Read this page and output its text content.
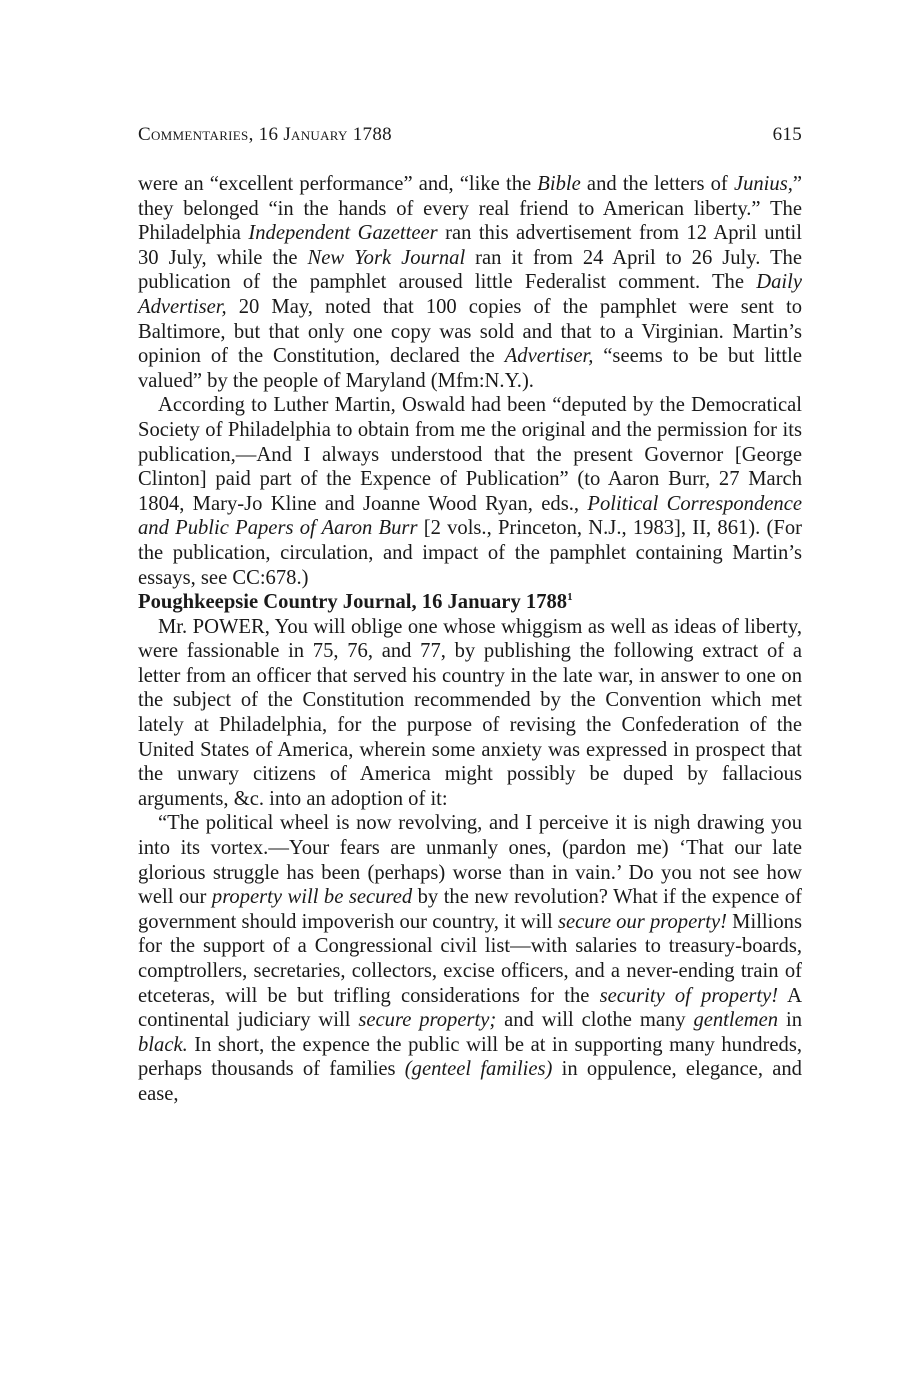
Commentaries, 16 January 1788	615

were an “excellent performance” and, “like the Bible and the letters of Junius,” they belonged “in the hands of every real friend to American liberty.” The Philadelphia Independent Gazetteer ran this advertisement from 12 April until 30 July, while the New York Journal ran it from 24 April to 26 July. The publication of the pamphlet aroused little Federalist comment. The Daily Advertiser, 20 May, noted that 100 copies of the pamphlet were sent to Baltimore, but that only one copy was sold and that to a Virginian. Martin’s opinion of the Constitution, declared the Advertiser, “seems to be but little valued” by the people of Maryland (Mfm:N.Y.).

According to Luther Martin, Oswald had been “deputed by the Democratical Society of Philadelphia to obtain from me the original and the permission for its publication,—And I always understood that the present Governor [George Clinton] paid part of the Expence of Publication” (to Aaron Burr, 27 March 1804, Mary-Jo Kline and Joanne Wood Ryan, eds., Political Correspondence and Public Papers of Aaron Burr [2 vols., Princeton, N.J., 1983], II, 861). (For the publication, circulation, and impact of the pamphlet containing Martin’s essays, see CC:678.)

Poughkeepsie Country Journal, 16 January 1788$^1$

Mr. POWER, You will oblige one whose whiggism as well as ideas of liberty, were fassionable in 75, 76, and 77, by publishing the following extract of a letter from an officer that served his country in the late war, in answer to one on the subject of the Constitution recommended by the Convention which met lately at Philadelphia, for the purpose of revising the Confederation of the United States of America, wherein some anxiety was expressed in prospect that the unwary citizens of America might possibly be duped by fallacious arguments, &c. into an adoption of it:

“The political wheel is now revolving, and I perceive it is nigh drawing you into its vortex.—Your fears are unmanly ones, (pardon me) ‘That our late glorious struggle has been (perhaps) worse than in vain.’ Do you not see how well our property will be secured by the new revolution? What if the expence of government should impoverish our country, it will secure our property! Millions for the support of a Congressional civil list—with salaries to treasury-boards, comptrollers, secretaries, collectors, excise officers, and a never-ending train of etceteras, will be but trifling considerations for the security of property! A continental judiciary will secure property; and will clothe many gentlemen in black. In short, the expence the public will be at in supporting many hundreds, perhaps thousands of families (genteel families) in oppulence, elegance, and ease,
